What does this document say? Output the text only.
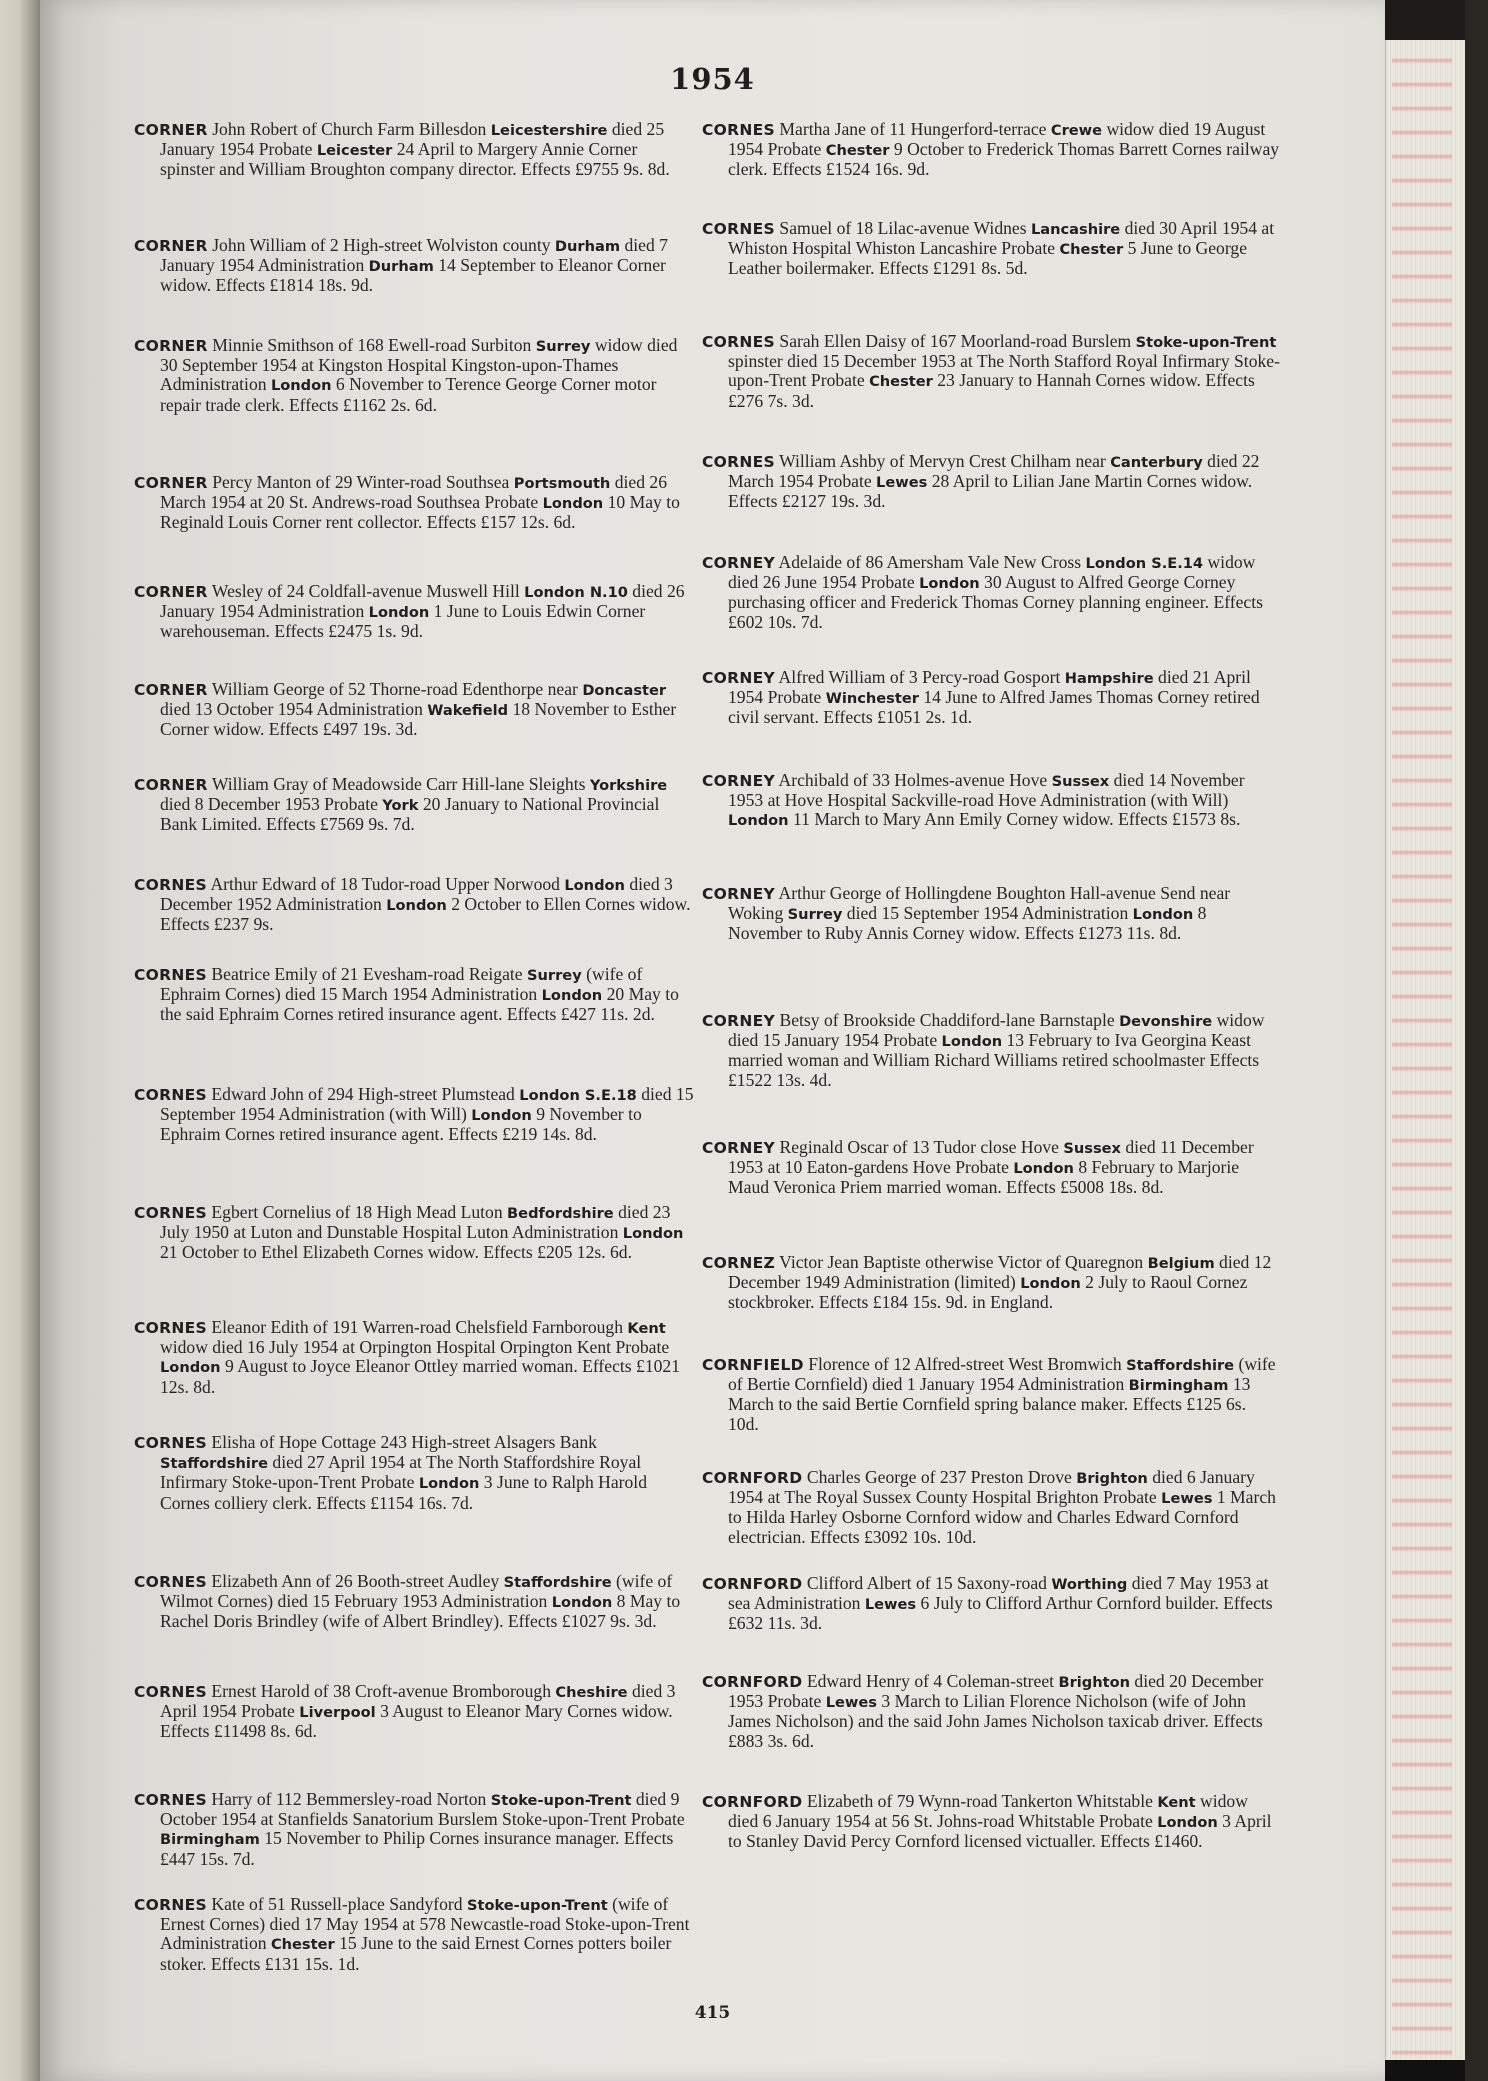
1954
CORNER John Robert of Church Farm Billesdon Leicestershire died 25 January 1954 Probate Leicester 24 April to Margery Annie Corner spinster and William Broughton company director. Effects £9755 9s. 8d.
CORNER John William of 2 High-street Wolviston county Durham died 7 January 1954 Administration Durham 14 September to Eleanor Corner widow. Effects £1814 18s. 9d.
CORNER Minnie Smithson of 168 Ewell-road Surbiton Surrey widow died 30 September 1954 at Kingston Hospital Kingston-upon-Thames Administration London 6 November to Terence George Corner motor repair trade clerk. Effects £1162 2s. 6d.
CORNER Percy Manton of 29 Winter-road Southsea Portsmouth died 26 March 1954 at 20 St. Andrews-road Southsea Probate London 10 May to Reginald Louis Corner rent collector. Effects £157 12s. 6d.
CORNER Wesley of 24 Coldfall-avenue Muswell Hill London N.10 died 26 January 1954 Administration London 1 June to Louis Edwin Corner warehouseman. Effects £2475 1s. 9d.
CORNER William George of 52 Thorne-road Edenthorpe near Doncaster died 13 October 1954 Administration Wakefield 18 November to Esther Corner widow. Effects £497 19s. 3d.
CORNER William Gray of Meadowside Carr Hill-lane Sleights Yorkshire died 8 December 1953 Probate York 20 January to National Provincial Bank Limited. Effects £7569 9s. 7d.
CORNES Arthur Edward of 18 Tudor-road Upper Norwood London died 3 December 1952 Administration London 2 October to Ellen Cornes widow. Effects £237 9s.
CORNES Beatrice Emily of 21 Evesham-road Reigate Surrey (wife of Ephraim Cornes) died 15 March 1954 Administration London 20 May to the said Ephraim Cornes retired insurance agent. Effects £427 11s. 2d.
CORNES Edward John of 294 High-street Plumstead London S.E.18 died 15 September 1954 Administration (with Will) London 9 November to Ephraim Cornes retired insurance agent. Effects £219 14s. 8d.
CORNES Egbert Cornelius of 18 High Mead Luton Bedfordshire died 23 July 1950 at Luton and Dunstable Hospital Luton Administration London 21 October to Ethel Elizabeth Cornes widow. Effects £205 12s. 6d.
CORNES Eleanor Edith of 191 Warren-road Chelsfield Farnborough Kent widow died 16 July 1954 at Orpington Hospital Orpington Kent Probate London 9 August to Joyce Eleanor Ottley married woman. Effects £1021 12s. 8d.
CORNES Elisha of Hope Cottage 243 High-street Alsagers Bank Staffordshire died 27 April 1954 at The North Staffordshire Royal Infirmary Stoke-upon-Trent Probate London 3 June to Ralph Harold Cornes colliery clerk. Effects £1154 16s. 7d.
CORNES Elizabeth Ann of 26 Booth-street Audley Staffordshire (wife of Wilmot Cornes) died 15 February 1953 Administration London 8 May to Rachel Doris Brindley (wife of Albert Brindley). Effects £1027 9s. 3d.
CORNES Ernest Harold of 38 Croft-avenue Bromborough Cheshire died 3 April 1954 Probate Liverpool 3 August to Eleanor Mary Cornes widow. Effects £11498 8s. 6d.
CORNES Harry of 112 Bemmersley-road Norton Stoke-upon-Trent died 9 October 1954 at Stanfields Sanatorium Burslem Stoke-upon-Trent Probate Birmingham 15 November to Philip Cornes insurance manager. Effects £447 15s. 7d.
CORNES Kate of 51 Russell-place Sandyford Stoke-upon-Trent (wife of Ernest Cornes) died 17 May 1954 at 578 Newcastle-road Stoke-upon-Trent Administration Chester 15 June to the said Ernest Cornes potters boiler stoker. Effects £131 15s. 1d.
CORNES Martha Jane of 11 Hungerford-terrace Crewe widow died 19 August 1954 Probate Chester 9 October to Frederick Thomas Barrett Cornes railway clerk. Effects £1524 16s. 9d.
CORNES Samuel of 18 Lilac-avenue Widnes Lancashire died 30 April 1954 at Whiston Hospital Whiston Lancashire Probate Chester 5 June to George Leather boilermaker. Effects £1291 8s. 5d.
CORNES Sarah Ellen Daisy of 167 Moorland-road Burslem Stoke-upon-Trent spinster died 15 December 1953 at The North Stafford Royal Infirmary Stoke-upon-Trent Probate Chester 23 January to Hannah Cornes widow. Effects £276 7s. 3d.
CORNES William Ashby of Mervyn Crest Chilham near Canterbury died 22 March 1954 Probate Lewes 28 April to Lilian Jane Martin Cornes widow. Effects £2127 19s. 3d.
CORNEY Adelaide of 86 Amersham Vale New Cross London S.E.14 widow died 26 June 1954 Probate London 30 August to Alfred George Corney purchasing officer and Frederick Thomas Corney planning engineer. Effects £602 10s. 7d.
CORNEY Alfred William of 3 Percy-road Gosport Hampshire died 21 April 1954 Probate Winchester 14 June to Alfred James Thomas Corney retired civil servant. Effects £1051 2s. 1d.
CORNEY Archibald of 33 Holmes-avenue Hove Sussex died 14 November 1953 at Hove Hospital Sackville-road Hove Administration (with Will) London 11 March to Mary Ann Emily Corney widow. Effects £1573 8s.
CORNEY Arthur George of Hollingdene Boughton Hall-avenue Send near Woking Surrey died 15 September 1954 Administration London 8 November to Ruby Annis Corney widow. Effects £1273 11s. 8d.
CORNEY Betsy of Brookside Chaddiford-lane Barnstaple Devonshire widow died 15 January 1954 Probate London 13 February to Iva Georgina Keast married woman and William Richard Williams retired schoolmaster Effects £1522 13s. 4d.
CORNEY Reginald Oscar of 13 Tudor close Hove Sussex died 11 December 1953 at 10 Eaton-gardens Hove Probate London 8 February to Marjorie Maud Veronica Priem married woman. Effects £5008 18s. 8d.
CORNEZ Victor Jean Baptiste otherwise Victor of Quaregnon Belgium died 12 December 1949 Administration (limited) London 2 July to Raoul Cornez stockbroker. Effects £184 15s. 9d. in England.
CORNFIELD Florence of 12 Alfred-street West Bromwich Staffordshire (wife of Bertie Cornfield) died 1 January 1954 Administration Birmingham 13 March to the said Bertie Cornfield spring balance maker. Effects £125 6s. 10d.
CORNFORD Charles George of 237 Preston Drove Brighton died 6 January 1954 at The Royal Sussex County Hospital Brighton Probate Lewes 1 March to Hilda Harley Osborne Cornford widow and Charles Edward Cornford electrician. Effects £3092 10s. 10d.
CORNFORD Clifford Albert of 15 Saxony-road Worthing died 7 May 1953 at sea Administration Lewes 6 July to Clifford Arthur Cornford builder. Effects £632 11s. 3d.
CORNFORD Edward Henry of 4 Coleman-street Brighton died 20 December 1953 Probate Lewes 3 March to Lilian Florence Nicholson (wife of John James Nicholson) and the said John James Nicholson taxicab driver. Effects £883 3s. 6d.
CORNFORD Elizabeth of 79 Wynn-road Tankerton Whitstable Kent widow died 6 January 1954 at 56 St. Johns-road Whitstable Probate London 3 April to Stanley David Percy Cornford licensed victualler. Effects £1460.
415
